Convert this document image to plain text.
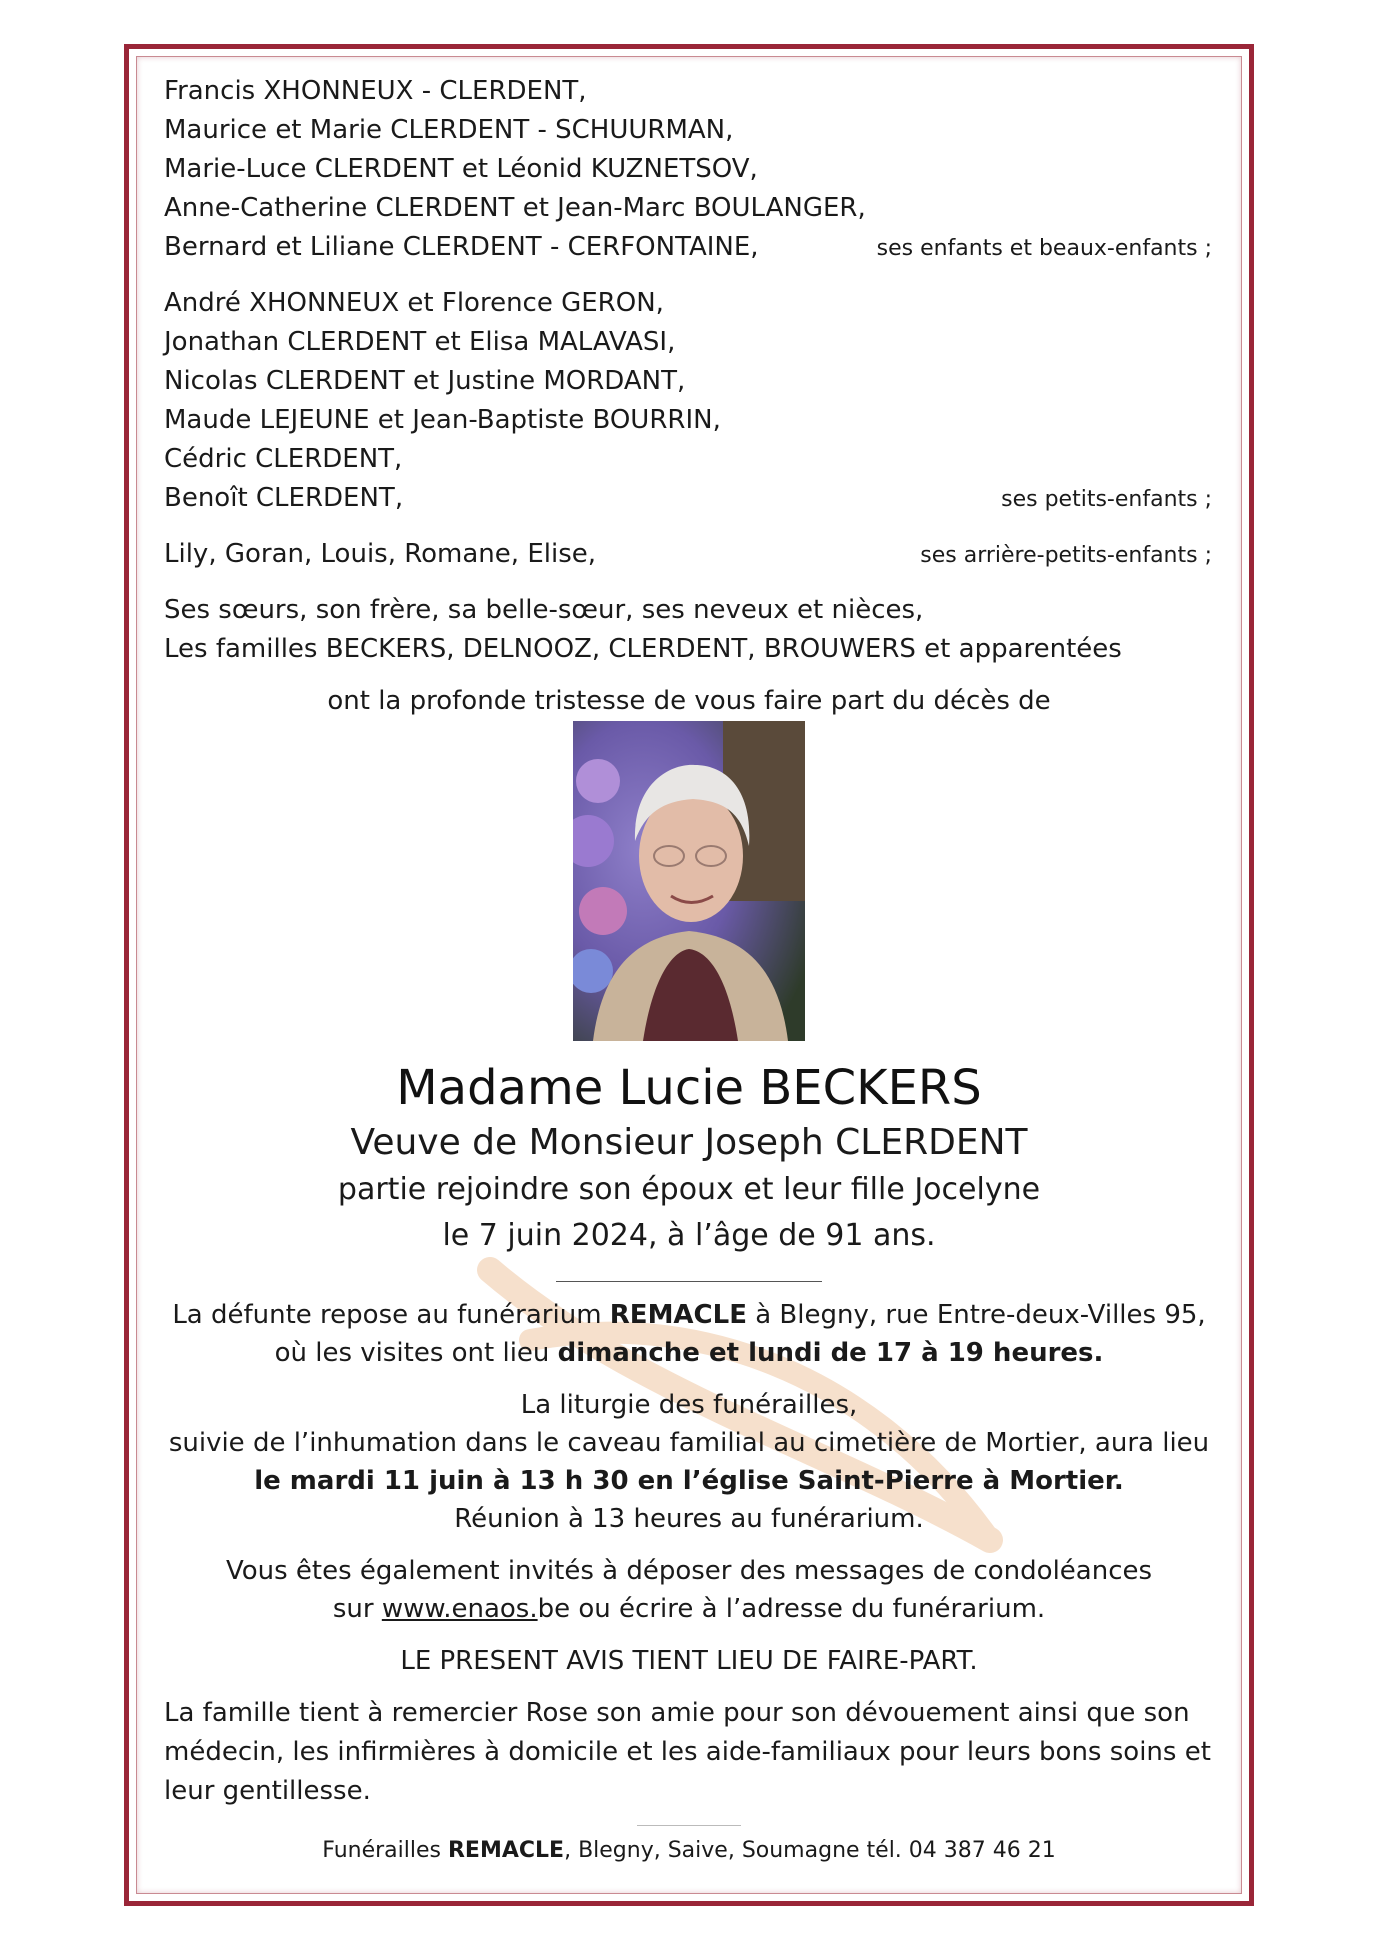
Francis XHONNEUX - CLERDENT,
Maurice et Marie CLERDENT - SCHUURMAN,
Marie-Luce CLERDENT et Léonid KUZNETSOV,
Anne-Catherine CLERDENT et Jean-Marc BOULANGER,
Bernard et Liliane CLERDENT - CERFONTAINE,	ses enfants et beaux-enfants ;
André XHONNEUX et Florence GERON,
Jonathan CLERDENT et Elisa MALAVASI,
Nicolas CLERDENT et Justine MORDANT,
Maude LEJEUNE et Jean-Baptiste BOURRIN,
Cédric CLERDENT,
Benoît CLERDENT,	ses petits-enfants ;
Lily, Goran, Louis, Romane, Elise,	ses arrière-petits-enfants ;
Ses sœurs, son frère, sa belle-sœur, ses neveux et nièces,
Les familles BECKERS, DELNOOZ, CLERDENT, BROUWERS et apparentées
ont la profonde tristesse de vous faire part du décès de
Madame Lucie BECKERS
Veuve de Monsieur Joseph CLERDENT
partie rejoindre son époux et leur fille Jocelyne
le 7 juin 2024, à l’âge de 91 ans.
La défunte repose au funérarium REMACLE à Blegny, rue Entre-deux-Villes 95,
où les visites ont lieu dimanche et lundi de 17 à 19 heures.
La liturgie des funérailles,
suivie de l’inhumation dans le caveau familial au cimetière de Mortier, aura lieu
le mardi 11 juin à 13 h 30 en l’église Saint-Pierre à Mortier.
Réunion à 13 heures au funérarium.
Vous êtes également invités à déposer des messages de condoléances
sur www.enaos.be ou écrire à l’adresse du funérarium.
LE PRESENT AVIS TIENT LIEU DE FAIRE-PART.
La famille tient à remercier Rose son amie pour son dévouement ainsi que son médecin, les infirmières à domicile et les aide-familiaux pour leurs bons soins et leur gentillesse.
Funérailles REMACLE, Blegny, Saive, Soumagne tél. 04 387 46 21
